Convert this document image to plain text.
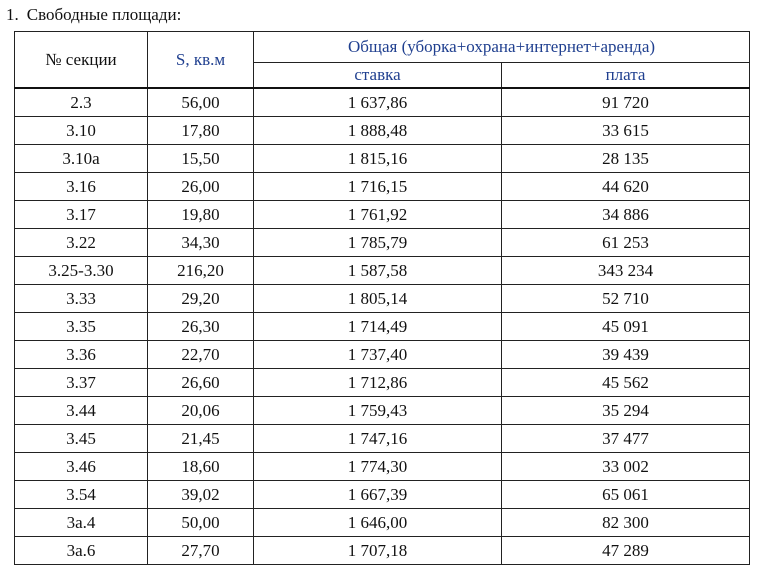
1. Свободные площади:
№ секции	S, кв.м	Общая (уборка+охрана+интернет+аренда)	
		ставка	плата
2.3	56,00	1 637,86	91 720
3.10	17,80	1 888,48	33 615
3.10a	15,50	1 815,16	28 135
3.16	26,00	1 716,15	44 620
3.17	19,80	1 761,92	34 886
3.22	34,30	1 785,79	61 253
3.25-3.30	216,20	1 587,58	343 234
3.33	29,20	1 805,14	52 710
3.35	26,30	1 714,49	45 091
3.36	22,70	1 737,40	39 439
3.37	26,60	1 712,86	45 562
3.44	20,06	1 759,43	35 294
3.45	21,45	1 747,16	37 477
3.46	18,60	1 774,30	33 002
3.54	39,02	1 667,39	65 061
3a.4	50,00	1 646,00	82 300
3a.6	27,70	1 707,18	47 289
